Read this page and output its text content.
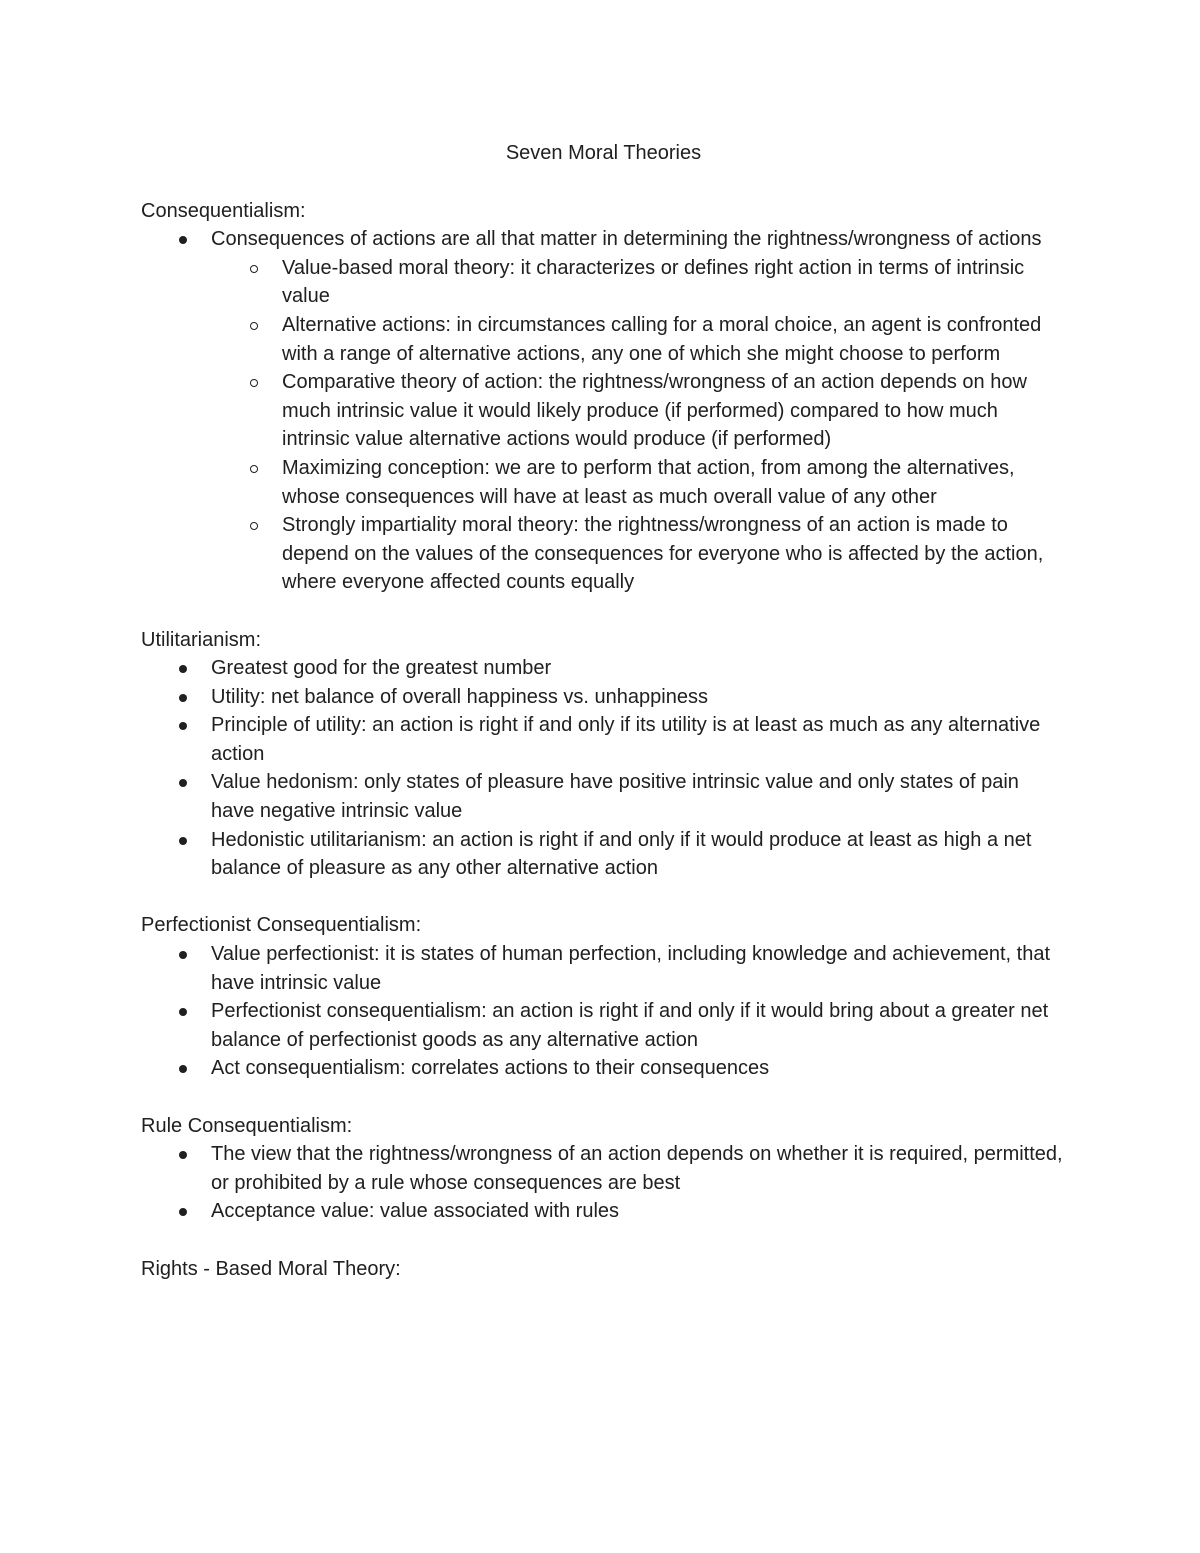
Seven Moral Theories
Consequentialism:
Consequences of actions are all that matter in determining the rightness/wrongness of actions
Value-based moral theory: it characterizes or defines right action in terms of intrinsic value
Alternative actions: in circumstances calling for a moral choice, an agent is confronted with a range of alternative actions, any one of which she might choose to perform
Comparative theory of action: the rightness/wrongness of an action depends on how much intrinsic value it would likely produce (if performed) compared to how much intrinsic value alternative actions would produce (if performed)
Maximizing conception: we are to perform that action, from among the alternatives, whose consequences will have at least as much overall value of any other
Strongly impartiality moral theory: the rightness/wrongness of an action is made to depend on the values of the consequences for everyone who is affected by the action, where everyone affected counts equally
Utilitarianism:
Greatest good for the greatest number
Utility: net balance of overall happiness vs. unhappiness
Principle of utility: an action is right if and only if its utility is at least as much as any alternative action
Value hedonism: only states of pleasure have positive intrinsic value and only states of pain have negative intrinsic value
Hedonistic utilitarianism: an action is right if and only if it would produce at least as high a net balance of pleasure as any other alternative action
Perfectionist Consequentialism:
Value perfectionist: it is states of human perfection, including knowledge and achievement, that have intrinsic value
Perfectionist consequentialism: an action is right if and only if it would bring about a greater net balance of perfectionist goods as any alternative action
Act consequentialism: correlates actions to their consequences
Rule Consequentialism:
The view that the rightness/wrongness of an action depends on whether it is required, permitted, or prohibited by a rule whose consequences are best
Acceptance value: value associated with rules
Rights - Based Moral Theory:
